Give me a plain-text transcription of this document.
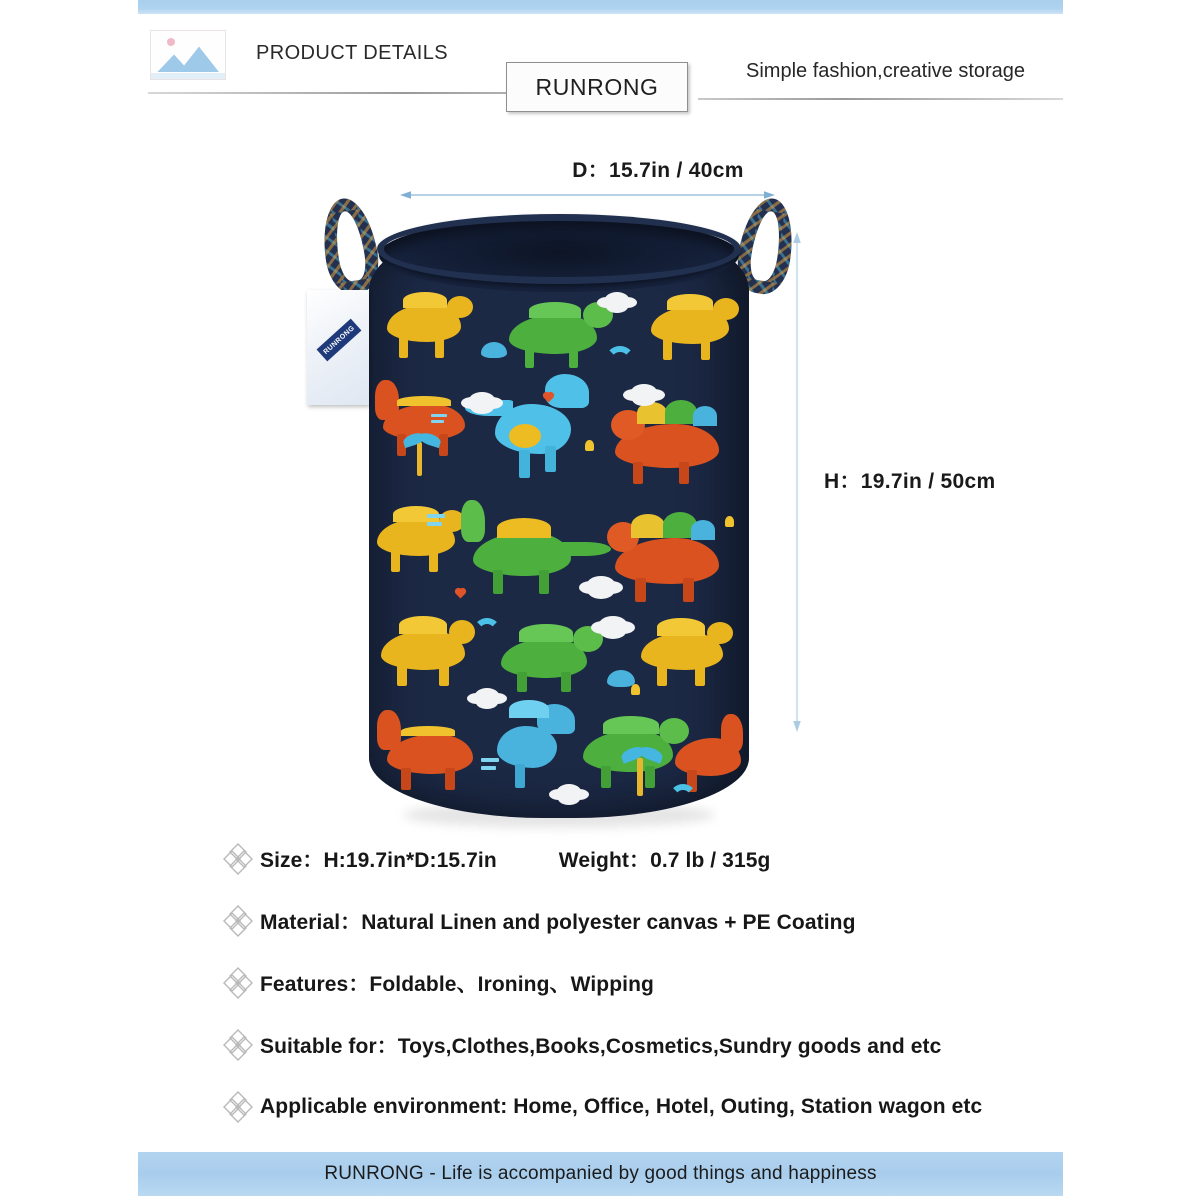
PRODUCT DETAILS
RUNRONG
Simple fashion,creative storage
D：15.7in / 40cm
H：19.7in / 50cm
RUNRONG
Size：H:19.7in*D:15.7in	Weight：0.7 lb / 315g
Material：Natural Linen and polyester canvas + PE Coating
Features：Foldable、Ironing、Wipping
Suitable for：Toys,Clothes,Books,Cosmetics,Sundry goods and etc
Applicable environment: Home, Office, Hotel, Outing, Station wagon etc
RUNRONG - Life is accompanied by good things and happiness
